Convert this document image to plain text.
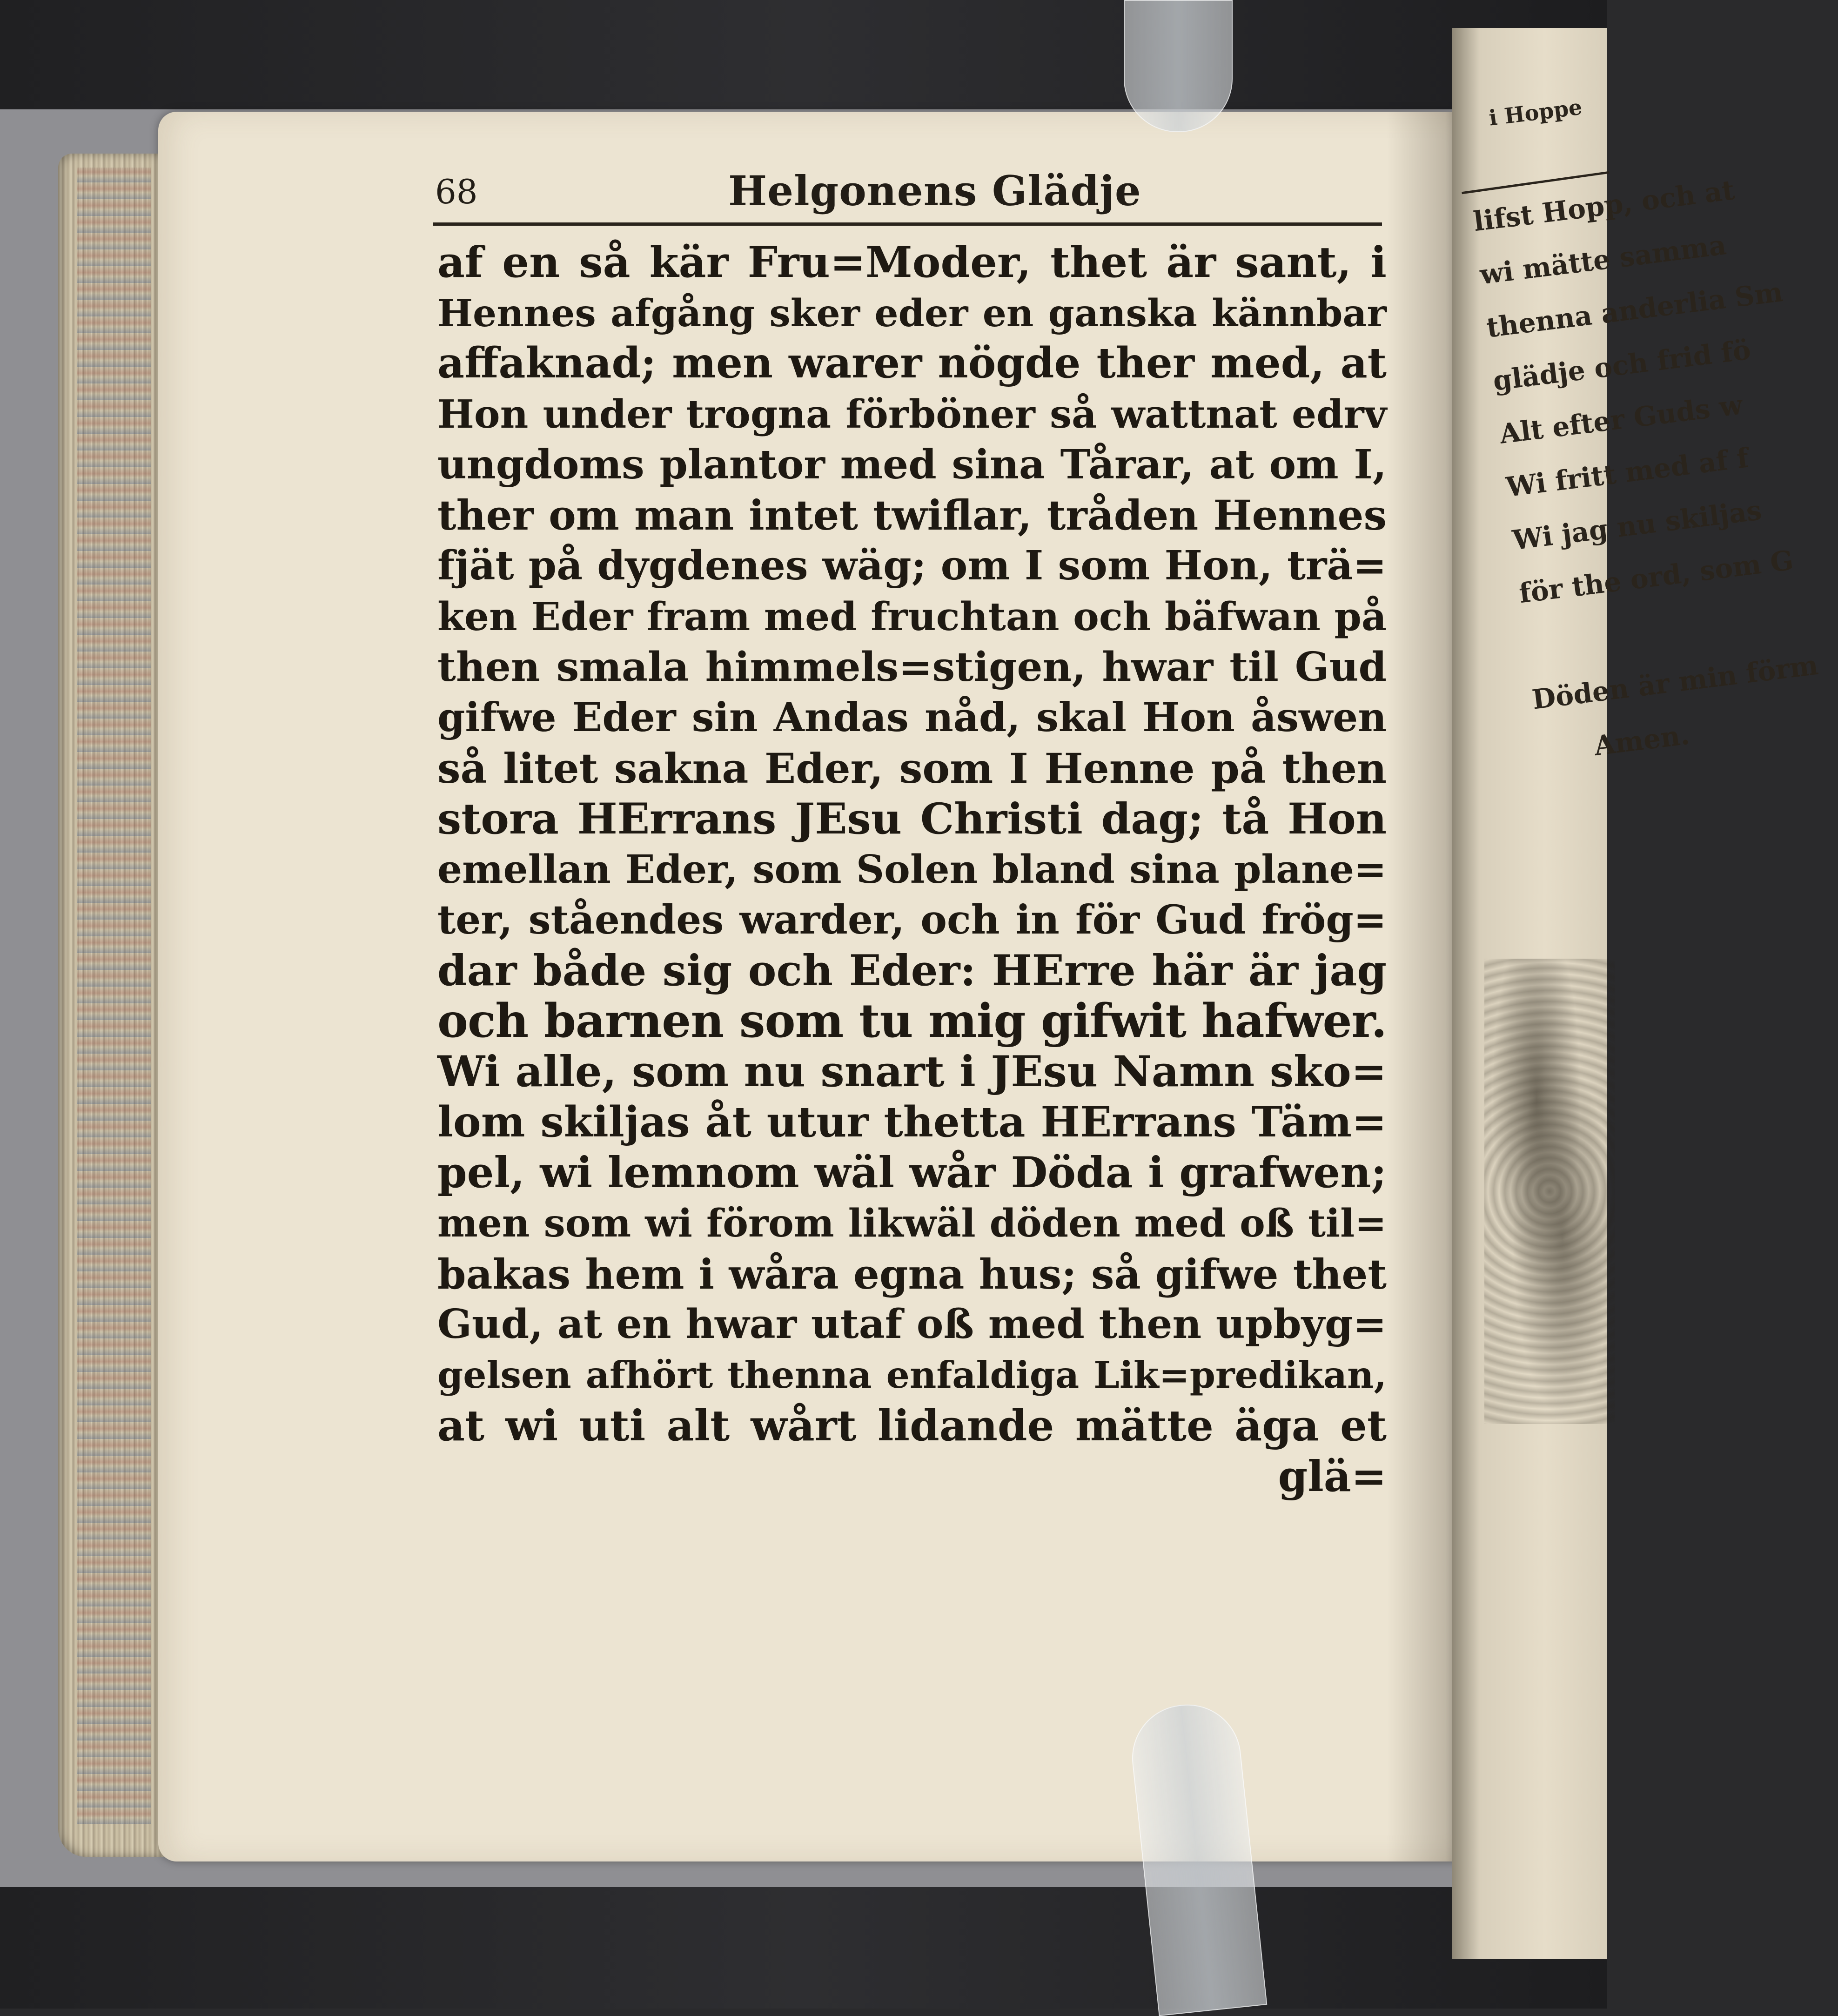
i Hoppe
lifst Hopp, och at
wi mätte samma
thenna anderlia Sm
glädje och frid fö
Alt efter Guds w
Wi fritt med af f
Wi jag nu skiljas
för the ord, som G
Döden är min förm
Amen.
68	Helgonens Glädje
af en så kär Fru=Moder, thet är sant, i
Hennes afgång sker eder en ganska kännbar
affaknad; men warer nögde ther med, at
Hon under trogna förböner så wattnat edrv
ungdoms plantor med sina Tårar, at om I,
ther om man intet twiflar, tråden Hennes
fjät på dygdenes wäg; om I som Hon, trä=
ken Eder fram med fruchtan och bäfwan på
then smala himmels=stigen, hwar til Gud
gifwe Eder sin Andas nåd, skal Hon åswen
så litet sakna Eder, som I Henne på then
stora HErrans JEsu Christi dag; tå Hon
emellan Eder, som Solen bland sina plane=
ter, ståendes warder, och in för Gud frög=
dar både sig och Eder: HErre här är jag
och barnen som tu mig gifwit hafwer.
Wi alle, som nu snart i JEsu Namn sko=
lom skiljas åt utur thetta HErrans Täm=
pel, wi lemnom wäl wår Döda i grafwen;
men som wi förom likwäl döden med oß til=
bakas hem i wåra egna hus; så gifwe thet
Gud, at en hwar utaf oß med then upbyg=
gelsen afhört thenna enfaldiga Lik=predikan,
at wi uti alt wårt lidande mätte äga et
glä=
